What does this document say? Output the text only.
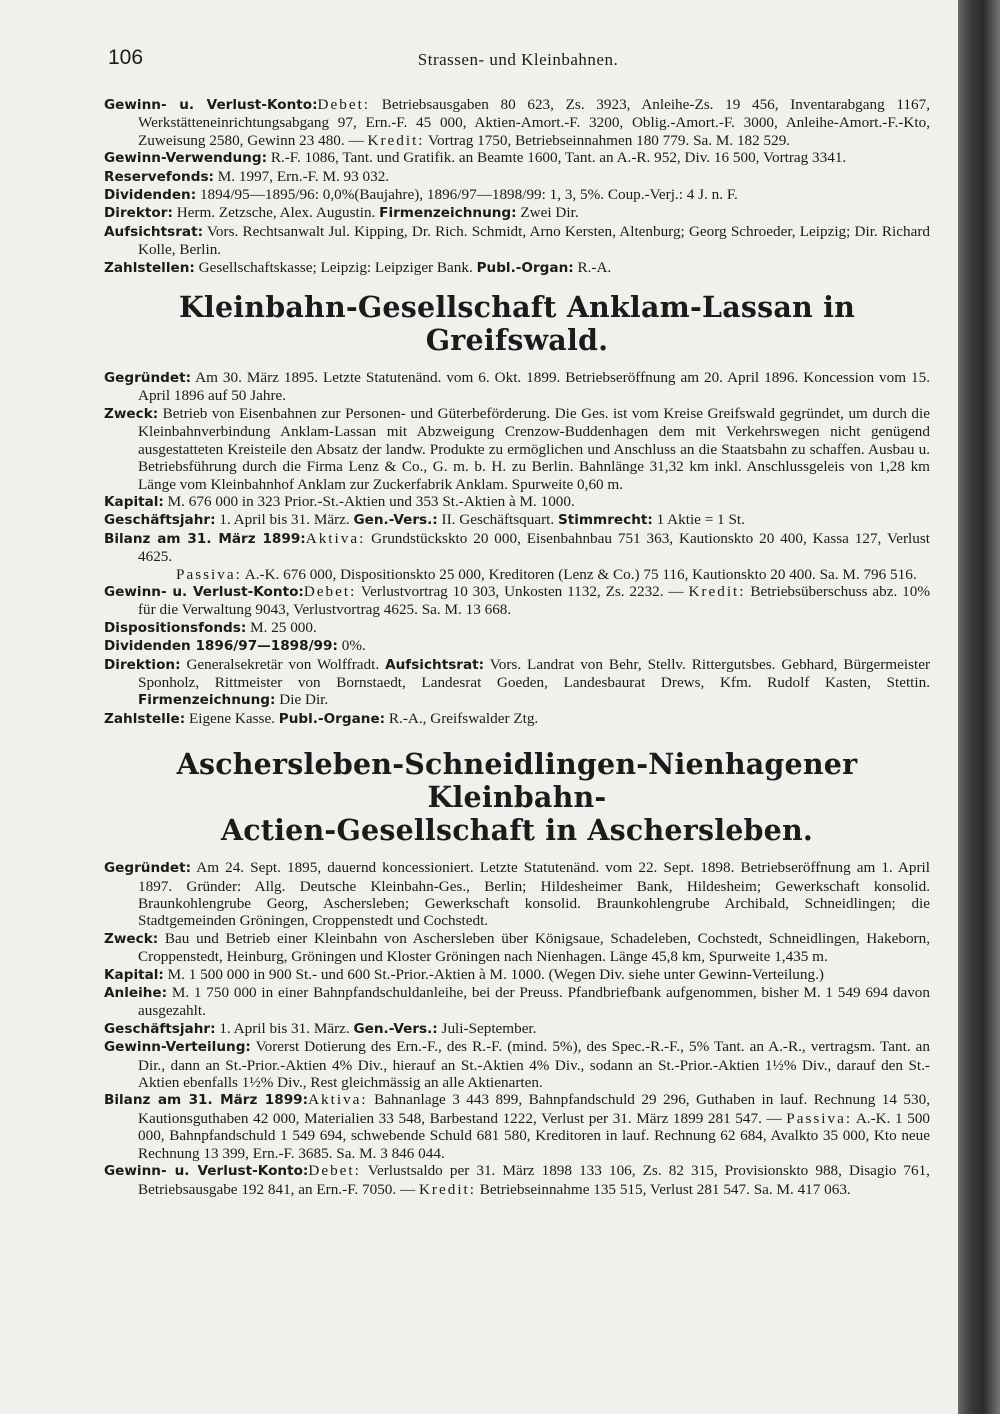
106	Strassen- und Kleinbahnen.

Gewinn- u. Verlust-Konto:Debet: Betriebsausgaben 80 623, Zs. 3923, Anleihe-Zs. 19 456, Inventarabgang 1167, Werkstätteneinrichtungsabgang 97, Ern.-F. 45 000, Aktien-Amort.-F. 3200, Oblig.-Amort.-F. 3000, Anleihe-Amort.-F.-Kto, Zuweisung 2580, Gewinn 23 480. — Kredit: Vortrag 1750, Betriebseinnahmen 180 779. Sa. M. 182 529.

Gewinn-Verwendung: R.-F. 1086, Tant. und Gratifik. an Beamte 1600, Tant. an A.-R. 952, Div. 16 500, Vortrag 3341.

Reservefonds: M. 1997, Ern.-F. M. 93 032.

Dividenden: 1894/95—1895/96: 0,0%(Baujahre), 1896/97—1898/99: 1, 3, 5%. Coup.-Verj.: 4 J. n. F.

Direktor: Herm. Zetzsche, Alex. Augustin. Firmenzeichnung: Zwei Dir.

Aufsichtsrat: Vors. Rechtsanwalt Jul. Kipping, Dr. Rich. Schmidt, Arno Kersten, Altenburg; Georg Schroeder, Leipzig; Dir. Richard Kolle, Berlin.

Zahlstellen: Gesellschaftskasse; Leipzig: Leipziger Bank. Publ.-Organ: R.-A.

Kleinbahn-Gesellschaft Anklam-Lassan in Greifswald.

Gegründet: Am 30. März 1895. Letzte Statutenänd. vom 6. Okt. 1899. Betriebseröffnung am 20. April 1896. Koncession vom 15. April 1896 auf 50 Jahre.

Zweck: Betrieb von Eisenbahnen zur Personen- und Güterbeförderung. Die Ges. ist vom Kreise Greifswald gegründet, um durch die Kleinbahnverbindung Anklam-Lassan mit Abzweigung Crenzow-Buddenhagen dem mit Verkehrswegen nicht genügend ausgestatteten Kreisteile den Absatz der landw. Produkte zu ermöglichen und Anschluss an die Staatsbahn zu schaffen. Ausbau u. Betriebsführung durch die Firma Lenz & Co., G. m. b. H. zu Berlin. Bahnlänge 31,32 km inkl. Anschlussgeleis von 1,28 km Länge vom Kleinbahnhof Anklam zur Zuckerfabrik Anklam. Spurweite 0,60 m.

Kapital: M. 676 000 in 323 Prior.-St.-Aktien und 353 St.-Aktien à M. 1000.

Geschäftsjahr: 1. April bis 31. März. Gen.-Vers.: II. Geschäftsquart. Stimmrecht: 1 Aktie = 1 St.

Bilanz am 31. März 1899:Aktiva: Grundstückskto 20 000, Eisenbahnbau 751 363, Kautionskto 20 400, Kassa 127, Verlust 4625.

Passiva: A.-K. 676 000, Dispositionskto 25 000, Kreditoren (Lenz & Co.) 75 116, Kautionskto 20 400. Sa. M. 796 516.

Gewinn- u. Verlust-Konto:Debet: Verlustvortrag 10 303, Unkosten 1132, Zs. 2232. — Kredit: Betriebsüberschuss abz. 10% für die Verwaltung 9043, Verlustvortrag 4625. Sa. M. 13 668.

Dispositionsfonds: M. 25 000.

Dividenden 1896/97—1898/99: 0%.

Direktion: Generalsekretär von Wolffradt. Aufsichtsrat: Vors. Landrat von Behr, Stellv. Rittergutsbes. Gebhard, Bürgermeister Sponholz, Rittmeister von Bornstaedt, Landesrat Goeden, Landesbaurat Drews, Kfm. Rudolf Kasten, Stettin. Firmenzeichnung: Die Dir.

Zahlstelle: Eigene Kasse. Publ.-Organe: R.-A., Greifswalder Ztg.

Aschersleben-Schneidlingen-Nienhagener Kleinbahn-
Actien-Gesellschaft in Aschersleben.

Gegründet: Am 24. Sept. 1895, dauernd koncessioniert. Letzte Statutenänd. vom 22. Sept. 1898. Betriebseröffnung am 1. April 1897. Gründer: Allg. Deutsche Kleinbahn-Ges., Berlin; Hildesheimer Bank, Hildesheim; Gewerkschaft konsolid. Braunkohlengrube Georg, Aschersleben; Gewerkschaft konsolid. Braunkohlengrube Archibald, Schneidlingen; die Stadtgemeinden Gröningen, Croppenstedt und Cochstedt.

Zweck: Bau und Betrieb einer Kleinbahn von Aschersleben über Königsaue, Schadeleben, Cochstedt, Schneidlingen, Hakeborn, Croppenstedt, Heinburg, Gröningen und Kloster Gröningen nach Nienhagen. Länge 45,8 km, Spurweite 1,435 m.

Kapital: M. 1 500 000 in 900 St.- und 600 St.-Prior.-Aktien à M. 1000. (Wegen Div. siehe unter Gewinn-Verteilung.)

Anleihe: M. 1 750 000 in einer Bahnpfandschuldanleihe, bei der Preuss. Pfandbriefbank aufgenommen, bisher M. 1 549 694 davon ausgezahlt.

Geschäftsjahr: 1. April bis 31. März. Gen.-Vers.: Juli-September.

Gewinn-Verteilung: Vorerst Dotierung des Ern.-F., des R.-F. (mind. 5%), des Spec.-R.-F., 5% Tant. an A.-R., vertragsm. Tant. an Dir., dann an St.-Prior.-Aktien 4% Div., hierauf an St.-Aktien 4% Div., sodann an St.-Prior.-Aktien 1½% Div., darauf den St.-Aktien ebenfalls 1½% Div., Rest gleichmässig an alle Aktienarten.

Bilanz am 31. März 1899:Aktiva: Bahnanlage 3 443 899, Bahnpfandschuld 29 296, Guthaben in lauf. Rechnung 14 530, Kautionsguthaben 42 000, Materialien 33 548, Barbestand 1222, Verlust per 31. März 1899 281 547. — Passiva: A.-K. 1 500 000, Bahnpfandschuld 1 549 694, schwebende Schuld 681 580, Kreditoren in lauf. Rechnung 62 684, Avalkto 35 000, Kto neue Rechnung 13 399, Ern.-F. 3685. Sa. M. 3 846 044.

Gewinn- u. Verlust-Konto:Debet: Verlustsaldo per 31. März 1898 133 106, Zs. 82 315, Provisionskto 988, Disagio 761, Betriebsausgabe 192 841, an Ern.-F. 7050. — Kredit: Betriebseinnahme 135 515, Verlust 281 547. Sa. M. 417 063.
